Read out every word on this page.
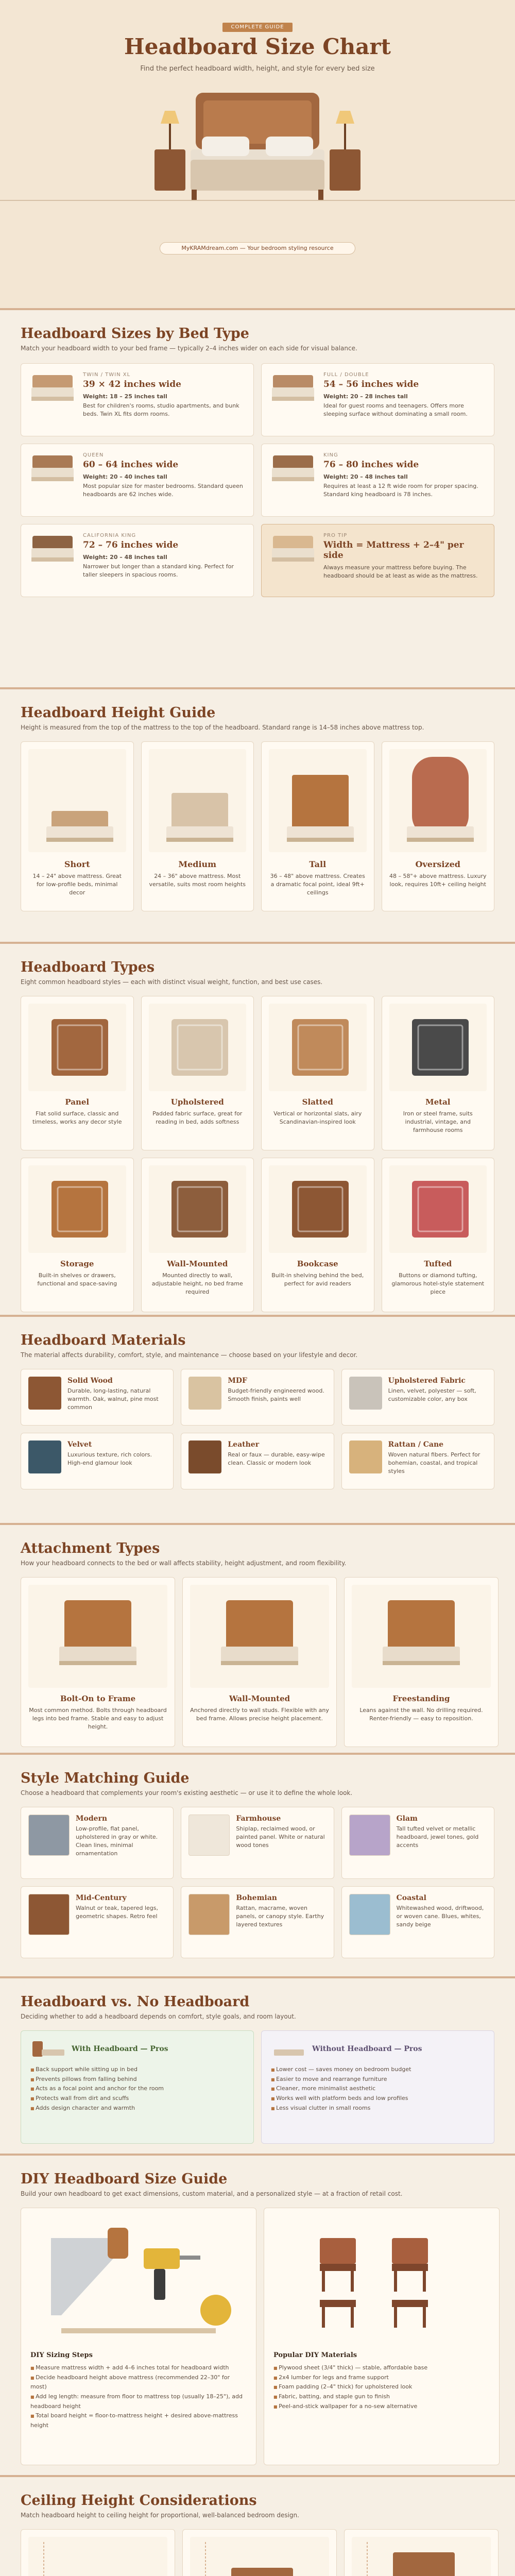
COMPLETE GUIDE
Headboard Size Chart
Find the perfect headboard width, height, and style for every bed size
MyKRAMdream.com — Your bedroom styling resource
Headboard Sizes by Bed Type
Match your headboard width to your bed frame — typically 2–4 inches wider on each side for visual balance.
TWIN / TWIN XL
39 × 42 inches wide
Weight: 18 – 25 inches tall
Best for children's rooms, studio apartments, and bunk beds. Twin XL fits dorm rooms.
FULL / DOUBLE
54 – 56 inches wide
Weight: 20 – 28 inches tall
Ideal for guest rooms and teenagers. Offers more sleeping surface without dominating a small room.
QUEEN
60 – 64 inches wide
Weight: 20 – 40 inches tall
Most popular size for master bedrooms. Standard queen headboards are 62 inches wide.
KING
76 – 80 inches wide
Weight: 20 – 48 inches tall
Requires at least a 12 ft wide room for proper spacing. Standard king headboard is 78 inches.
CALIFORNIA KING
72 – 76 inches wide
Weight: 20 – 48 inches tall
Narrower but longer than a standard king. Perfect for taller sleepers in spacious rooms.
PRO TIP
Width = Mattress + 2–4" per side
Always measure your mattress before buying. The headboard should be at least as wide as the mattress.
Headboard Height Guide
Height is measured from the top of the mattress to the top of the headboard. Standard range is 14–58 inches above mattress top.
Short
14 – 24" above mattress. Great for low-profile beds, minimal decor
Medium
24 – 36" above mattress. Most versatile, suits most room heights
Tall
36 – 48" above mattress. Creates a dramatic focal point, ideal 9ft+ ceilings
Oversized
48 – 58"+ above mattress. Luxury look, requires 10ft+ ceiling height
Headboard Types
Eight common headboard styles — each with distinct visual weight, function, and best use cases.
Panel
Flat solid surface, classic and timeless, works any decor style
Upholstered
Padded fabric surface, great for reading in bed, adds softness
Slatted
Vertical or horizontal slats, airy Scandinavian-inspired look
Metal
Iron or steel frame, suits industrial, vintage, and farmhouse rooms
Storage
Built-in shelves or drawers, functional and space-saving
Wall-Mounted
Mounted directly to wall, adjustable height, no bed frame required
Bookcase
Built-in shelving behind the bed, perfect for avid readers
Tufted
Buttons or diamond tufting, glamorous hotel-style statement piece
Headboard Materials
The material affects durability, comfort, style, and maintenance — choose based on your lifestyle and decor.
Solid Wood
Durable, long-lasting, natural warmth. Oak, walnut, pine most common
MDF
Budget-friendly engineered wood. Smooth finish, paints well
Upholstered Fabric
Linen, velvet, polyester — soft, customizable color, any box
Velvet
Luxurious texture, rich colors. High-end glamour look
Leather
Real or faux — durable, easy-wipe clean. Classic or modern look
Rattan / Cane
Woven natural fibers. Perfect for bohemian, coastal, and tropical styles
Attachment Types
How your headboard connects to the bed or wall affects stability, height adjustment, and room flexibility.
Bolt-On to Frame
Most common method. Bolts through headboard legs into bed frame. Stable and easy to adjust height.
Wall-Mounted
Anchored directly to wall studs. Flexible with any bed frame. Allows precise height placement.
Freestanding
Leans against the wall. No drilling required. Renter-friendly — easy to reposition.
Style Matching Guide
Choose a headboard that complements your room's existing aesthetic — or use it to define the whole look.
Modern
Low-profile, flat panel, upholstered in gray or white. Clean lines, minimal ornamentation
Farmhouse
Shiplap, reclaimed wood, or painted panel. White or natural wood tones
Glam
Tall tufted velvet or metallic headboard, jewel tones, gold accents
Mid-Century
Walnut or teak, tapered legs, geometric shapes. Retro feel
Bohemian
Rattan, macrame, woven panels, or canopy style. Earthy layered textures
Coastal
Whitewashed wood, driftwood, or woven cane. Blues, whites, sandy beige
Headboard vs. No Headboard
Deciding whether to add a headboard depends on comfort, style goals, and room layout.
With Headboard — Pros
■ Back support while sitting up in bed
■ Prevents pillows from falling behind
■ Acts as a focal point and anchor for the room
■ Protects wall from dirt and scuffs
■ Adds design character and warmth
Without Headboard — Pros
■ Lower cost — saves money on bedroom budget
■ Easier to move and rearrange furniture
■ Cleaner, more minimalist aesthetic
■ Works well with platform beds and low profiles
■ Less visual clutter in small rooms
DIY Headboard Size Guide
Build your own headboard to get exact dimensions, custom material, and a personalized style — at a fraction of retail cost.
DIY Sizing Steps
■ Measure mattress width + add 4–6 inches total for headboard width
■ Decide headboard height above mattress (recommended 22–30" for most)
■ Add leg length: measure from floor to mattress top (usually 18–25"), add headboard height
■ Total board height = floor-to-mattress height + desired above-mattress height
Popular DIY Materials
■ Plywood sheet (3/4" thick) — stable, affordable base
■ 2x4 lumber for legs and frame support
■ Foam padding (2–4" thick) for upholstered look
■ Fabric, batting, and staple gun to finish
■ Peel-and-stick wallpaper for a no-sew alternative
Ceiling Height Considerations
Match headboard height to ceiling height for proportional, well-balanced bedroom design.
